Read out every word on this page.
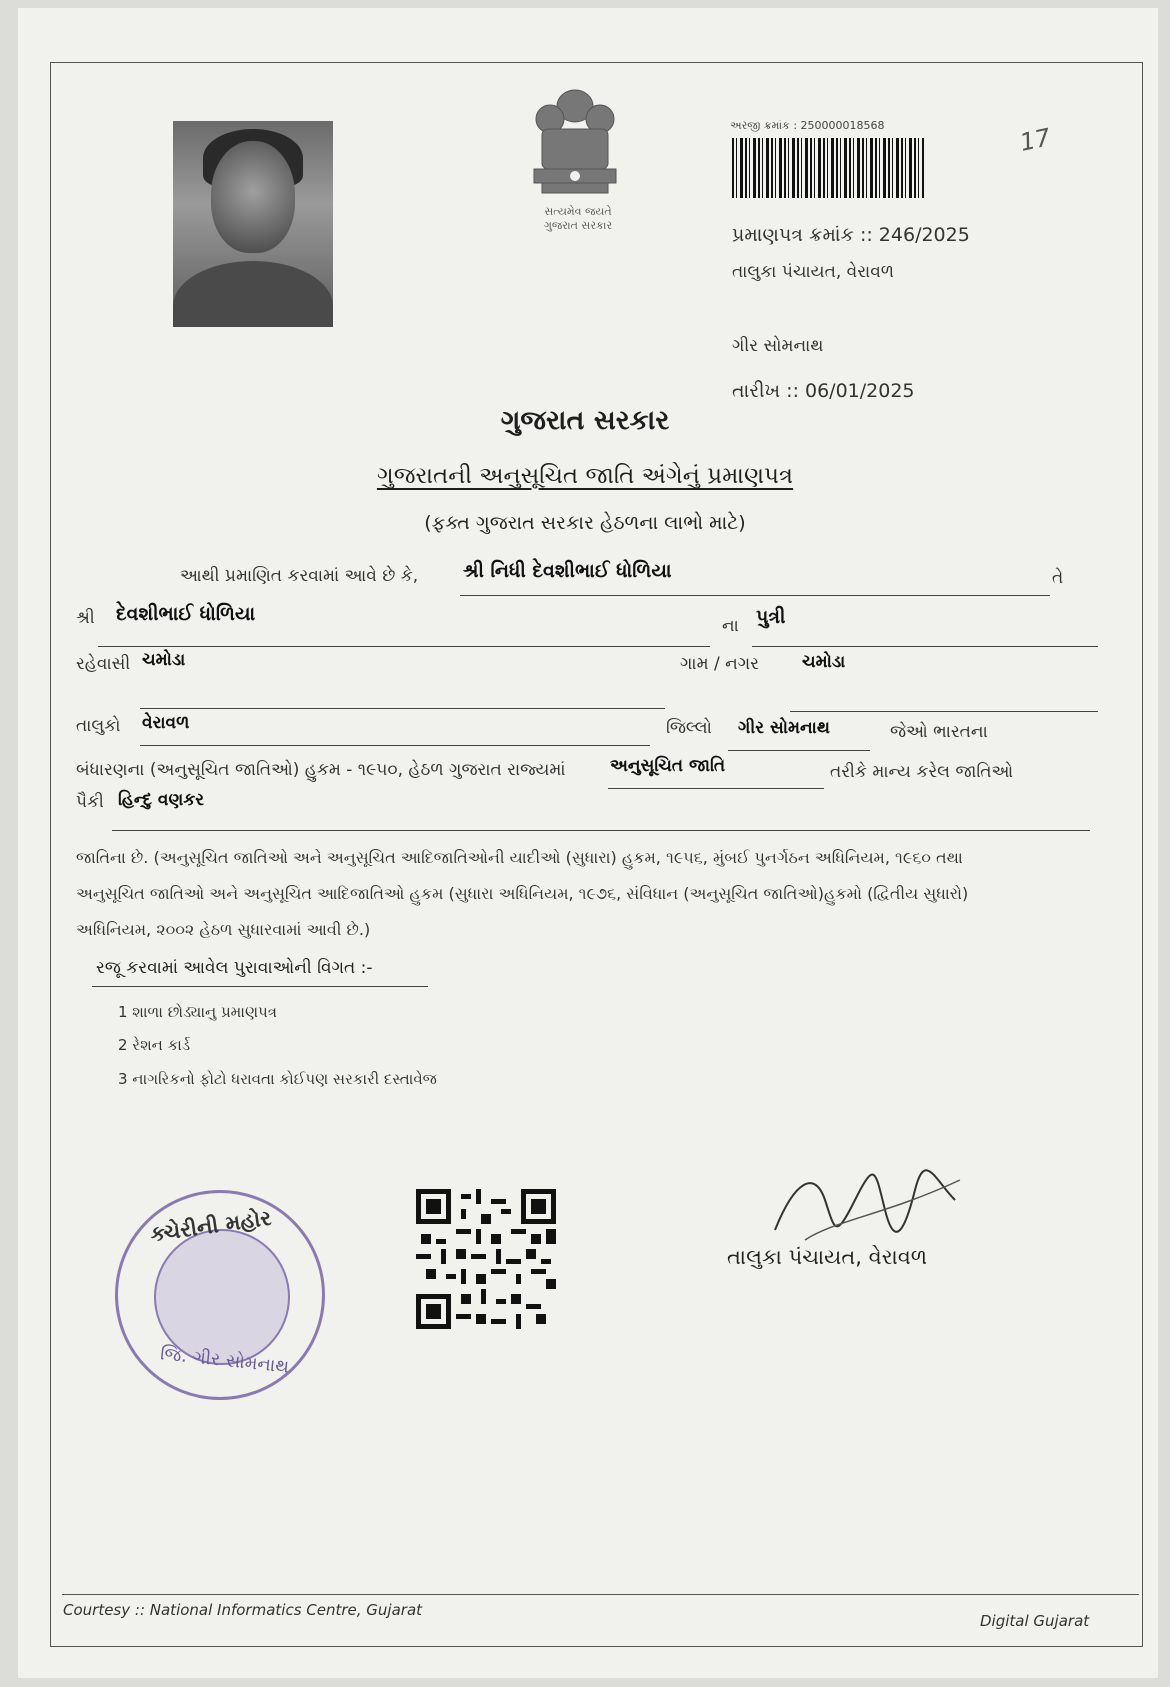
સત્યમેવ જયતે
ગુજરાત સરકાર
અરજી ક્રમાંક : 250000018568	17
પ્રમાણપત્ર ક્રમાંક :: 246/2025
તાલુકા પંચાયત, વેરાવળ
ગીર સોમનાથ
તારીખ :: 06/01/2025
ગુજરાત સરકાર
ગુજરાતની અનુસૂચિત જાતિ અંગેનું પ્રમાણપત્ર
(ફક્ત ગુજરાત સરકાર હેઠળના લાભો માટે)
આથી પ્રમાણિત કરવામાં આવે છે કે, શ્રી નિધી દેવશીભાઈ ધોળિયા	તે
શ્રી દેવશીભાઈ ધોળિયા
ના પુત્રી
રહેવાસી ચમોડા	ગામ / નગર	ચમોડા
તાલુકો વેરાવળ	જિલ્લો ગીર સોમનાથ	જેઓ ભારતના
બંધારણના (અનુસૂચિત જાતિઓ) હુકમ - ૧૯૫૦, હેઠળ ગુજરાત રાજ્યમાં	અનુસૂચિત જાતિ	તરીકે માન્ય કરેલ જાતિઓ
પૈકી હિન્દુ વણકર
જાતિના છે. (અનુસૂચિત જાતિઓ અને અનુસૂચિત આદિજાતિઓની યાદીઓ (સુધારા) હુકમ, ૧૯૫૬, મુંબઈ પુનર્ગઠન અધિનિયમ, ૧૯૬૦ તથા
અનુસૂચિત જાતિઓ અને અનુસૂચિત આદિજાતિઓ હુકમ (સુધારા અધિનિયમ, ૧૯૭૬, સંવિધાન (અનુસૂચિત જાતિઓ)હુકમો (દ્વિતીય સુધારો)
અધિનિયમ, ૨૦૦૨ હેઠળ સુધારવામાં આવી છે.)
રજૂ કરવામાં આવેલ પુરાવાઓની વિગત :-
1 શાળા છોડ્યાનુ પ્રમાણપત્ર
2 રેશન કાર્ડ
3 નાગરિકનો ફોટો ધરાવતા કોઈપણ સરકારી દસ્તાવેજ
ક્ચેરીની મહોર
જિ. ગીર સોમનાથ
તાલુકા પંચાયત, વેરાવળ
Courtesy :: National Informatics Centre, Gujarat
Digital Gujarat
